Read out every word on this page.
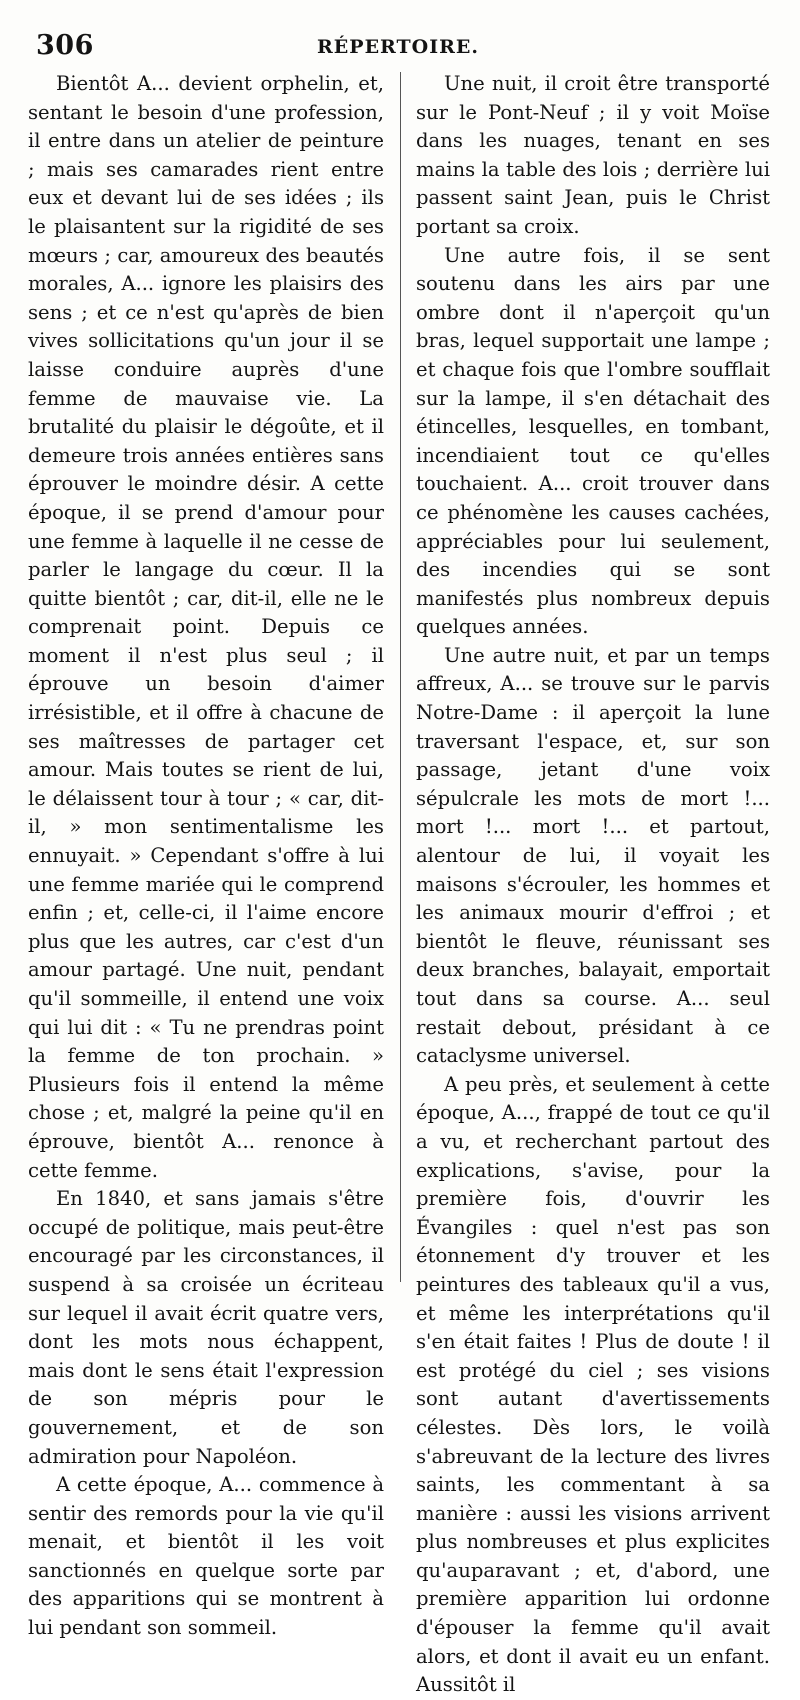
306	RÉPERTOIRE.

Bientôt A... devient orphelin, et, sentant le besoin d'une profession, il entre dans un atelier de peinture ; mais ses camarades rient entre eux et devant lui de ses idées ; ils le plaisantent sur la rigidité de ses mœurs ; car, amoureux des beautés morales, A... ignore les plaisirs des sens ; et ce n'est qu'après de bien vives sollicitations qu'un jour il se laisse conduire auprès d'une femme de mauvaise vie. La brutalité du plaisir le dégoûte, et il demeure trois années entières sans éprouver le moindre désir. A cette époque, il se prend d'amour pour une femme à laquelle il ne cesse de parler le langage du cœur. Il la quitte bientôt ; car, dit-il, elle ne le comprenait point. Depuis ce moment il n'est plus seul ; il éprouve un besoin d'aimer irrésistible, et il offre à chacune de ses maîtresses de partager cet amour. Mais toutes se rient de lui, le délaissent tour à tour ; « car, dit-il, » mon sentimentalisme les ennuyait. » Cependant s'offre à lui une femme mariée qui le comprend enfin ; et, celle-ci, il l'aime encore plus que les autres, car c'est d'un amour partagé. Une nuit, pendant qu'il sommeille, il entend une voix qui lui dit : « Tu ne prendras point la femme de ton prochain. » Plusieurs fois il entend la même chose ; et, malgré la peine qu'il en éprouve, bientôt A... renonce à cette femme.

En 1840, et sans jamais s'être occupé de politique, mais peut-être encouragé par les circonstances, il suspend à sa croisée un écriteau sur lequel il avait écrit quatre vers, dont les mots nous échappent, mais dont le sens était l'expression de son mépris pour le gouvernement, et de son admiration pour Napoléon.

A cette époque, A... commence à sentir des remords pour la vie qu'il menait, et bientôt il les voit sanctionnés en quelque sorte par des apparitions qui se montrent à lui pendant son sommeil.

Une nuit, il croit être transporté sur le Pont-Neuf ; il y voit Moïse dans les nuages, tenant en ses mains la table des lois ; derrière lui passent saint Jean, puis le Christ portant sa croix.

Une autre fois, il se sent soutenu dans les airs par une ombre dont il n'aperçoit qu'un bras, lequel supportait une lampe ; et chaque fois que l'ombre soufflait sur la lampe, il s'en détachait des étincelles, lesquelles, en tombant, incendiaient tout ce qu'elles touchaient. A... croit trouver dans ce phénomène les causes cachées, appréciables pour lui seulement, des incendies qui se sont manifestés plus nombreux depuis quelques années.

Une autre nuit, et par un temps affreux, A... se trouve sur le parvis Notre-Dame : il aperçoit la lune traversant l'espace, et, sur son passage, jetant d'une voix sépulcrale les mots de mort !... mort !... mort !... et partout, alentour de lui, il voyait les maisons s'écrouler, les hommes et les animaux mourir d'effroi ; et bientôt le fleuve, réunissant ses deux branches, balayait, emportait tout dans sa course. A... seul restait debout, présidant à ce cataclysme universel.

A peu près, et seulement à cette époque, A..., frappé de tout ce qu'il a vu, et recherchant partout des explications, s'avise, pour la première fois, d'ouvrir les Évangiles : quel n'est pas son étonnement d'y trouver et les peintures des tableaux qu'il a vus, et même les interprétations qu'il s'en était faites ! Plus de doute ! il est protégé du ciel ; ses visions sont autant d'avertissements célestes. Dès lors, le voilà s'abreuvant de la lecture des livres saints, les commentant à sa manière : aussi les visions arrivent plus nombreuses et plus explicites qu'auparavant ; et, d'abord, une première apparition lui ordonne d'épouser la femme qu'il avait alors, et dont il avait eu un enfant. Aussitôt il
